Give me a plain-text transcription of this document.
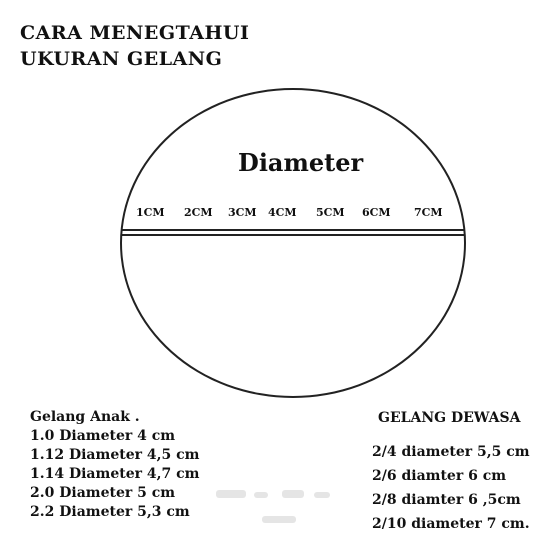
CARA MENEGTAHUI
UKURAN GELANG
Diameter
1CM 2CM 3CM 4CM 5CM 6CM 7CM
Gelang Anak .
1.0 Diameter 4 cm
1.12 Diameter 4,5 cm
1.14 Diameter 4,7 cm
2.0 Diameter 5 cm
2.2 Diameter 5,3 cm
GELANG DEWASA
2/4 diameter 5,5 cm
2/6 diamter 6 cm
2/8 diamter 6 ,5cm
2/10 diameter 7 cm.
